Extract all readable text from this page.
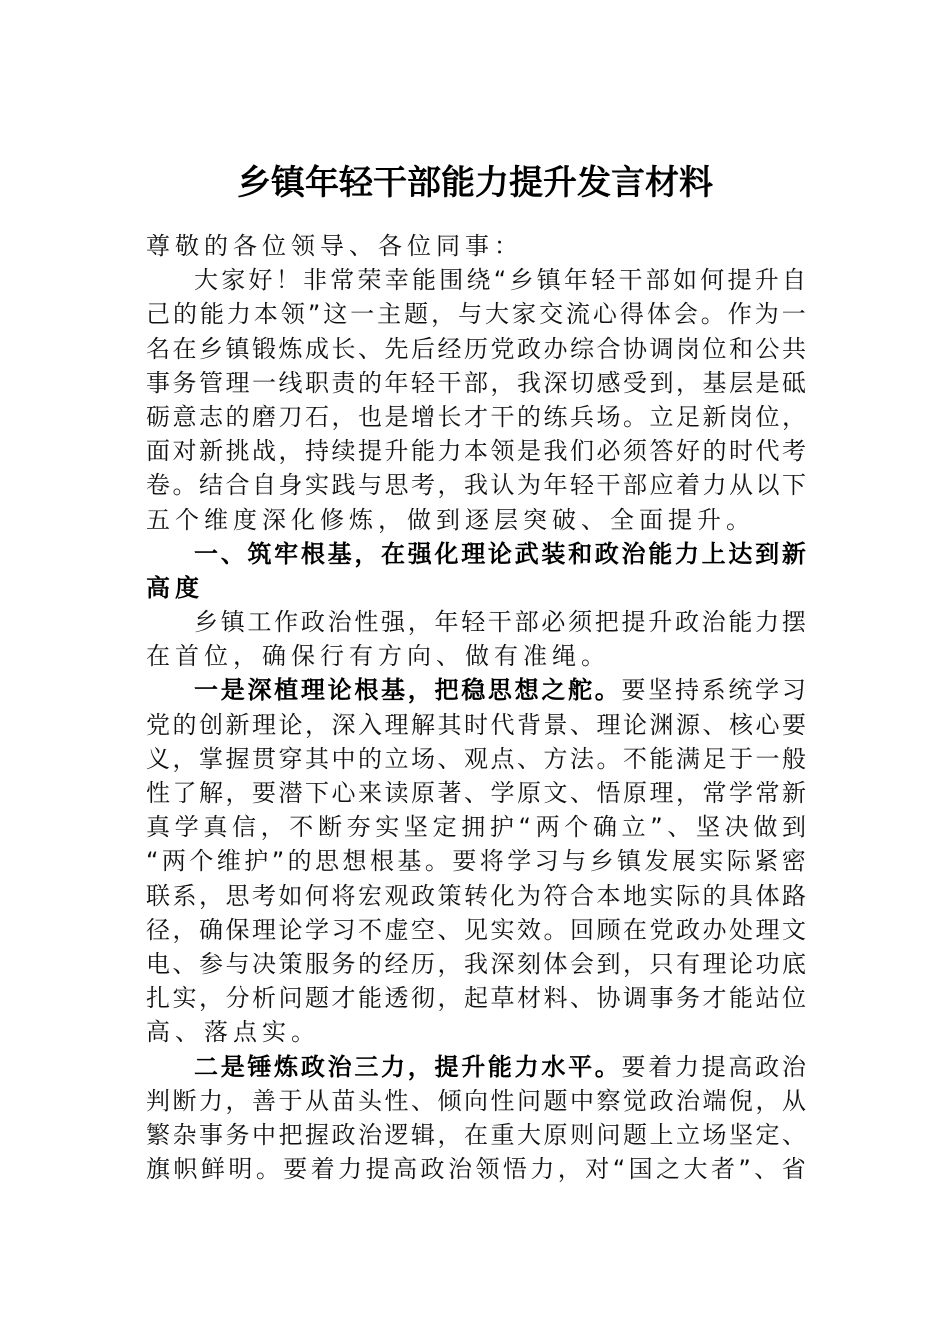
乡镇年轻干部能力提升发言材料
尊 敬 的 各 位 领 导 、 各 位 同 事 ：
大 家 好 ！ 非 常 荣 幸 能 围 绕 “ 乡 镇 年 轻 干 部 如 何 提 升 自
己 的 能 力 本 领 ” 这 一 主 题 ， 与 大 家 交 流 心 得 体 会 。 作 为 一
名 在 乡 镇 锻 炼 成 长 、 先 后 经 历 党 政 办 综 合 协 调 岗 位 和 公 共
事 务 管 理 一 线 职 责 的 年 轻 干 部 ， 我 深 切 感 受 到 ， 基 层 是 砥
砺 意 志 的 磨 刀 石 ， 也 是 增 长 才 干 的 练 兵 场 。 立 足 新 岗 位 ，
面 对 新 挑 战 ， 持 续 提 升 能 力 本 领 是 我 们 必 须 答 好 的 时 代 考
卷 。 结 合 自 身 实 践 与 思 考 ， 我 认 为 年 轻 干 部 应 着 力 从 以 下
五 个 维 度 深 化 修 炼 ， 做 到 逐 层 突 破 、 全 面 提 升 。
一 、 筑 牢 根 基 ， 在 强 化 理 论 武 装 和 政 治 能 力 上 达 到 新
高 度
乡 镇 工 作 政 治 性 强 ， 年 轻 干 部 必 须 把 提 升 政 治 能 力 摆
在 首 位 ， 确 保 行 有 方 向 、 做 有 准 绳 。
一 是 深 植 理 论 根 基 ， 把 稳 思 想 之 舵 。 要 坚 持 系 统 学 习
党 的 创 新 理 论 ， 深 入 理 解 其 时 代 背 景 、 理 论 渊 源 、 核 心 要
义 ， 掌 握 贯 穿 其 中 的 立 场 、 观 点 、 方 法 。 不 能 满 足 于 一 般
性 了 解 ， 要 潜 下 心 来 读 原 著 、 学 原 文 、 悟 原 理 ， 常 学 常 新
真 学 真 信 ， 不 断 夯 实 坚 定 拥 护 “ 两 个 确 立 ” 、 坚 决 做 到
“ 两 个 维 护 ” 的 思 想 根 基 。 要 将 学 习 与 乡 镇 发 展 实 际 紧 密
联 系 ， 思 考 如 何 将 宏 观 政 策 转 化 为 符 合 本 地 实 际 的 具 体 路
径 ， 确 保 理 论 学 习 不 虚 空 、 见 实 效 。 回 顾 在 党 政 办 处 理 文
电 、 参 与 决 策 服 务 的 经 历 ， 我 深 刻 体 会 到 ， 只 有 理 论 功 底
扎 实 ， 分 析 问 题 才 能 透 彻 ， 起 草 材 料 、 协 调 事 务 才 能 站 位
高 、 落 点 实 。
二 是 锤 炼 政 治 三 力 ， 提 升 能 力 水 平 。 要 着 力 提 高 政 治
判 断 力 ， 善 于 从 苗 头 性 、 倾 向 性 问 题 中 察 觉 政 治 端 倪 ， 从
繁 杂 事 务 中 把 握 政 治 逻 辑 ， 在 重 大 原 则 问 题 上 立 场 坚 定 、
旗 帜 鲜 明 。 要 着 力 提 高 政 治 领 悟 力 ， 对 “ 国 之 大 者 ” 、 省
